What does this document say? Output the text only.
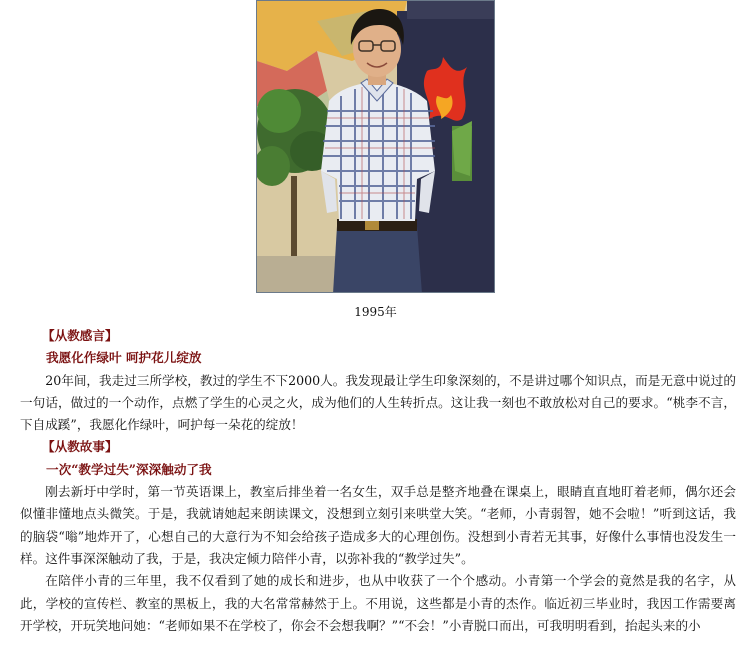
1995年

【从教感言】

我愿化作绿叶 呵护花儿绽放

20年间，我走过三所学校，教过的学生不下2000人。我发现最让学生印象深刻的，不是讲过哪个知识点，而是无意中说过的一句话，做过的一个动作，点燃了学生的心灵之火，成为他们的人生转折点。这让我一刻也不敢放松对自己的要求。“桃李不言，下自成蹊”，我愿化作绿叶，呵护每一朵花的绽放！

【从教故事】

一次“教学过失”深深触动了我

刚去新圩中学时，第一节英语课上，教室后排坐着一名女生，双手总是整齐地叠在课桌上，眼睛直直地盯着老师，偶尔还会似懂非懂地点头微笑。于是，我就请她起来朗读课文，没想到立刻引来哄堂大笑。“老师，小青弱智，她不会啦！”听到这话，我的脑袋“嗡”地炸开了，心想自己的大意行为不知会给孩子造成多大的心理创伤。没想到小青若无其事，好像什么事情也没发生一样。这件事深深触动了我，于是，我决定倾力陪伴小青，以弥补我的“教学过失”。

在陪伴小青的三年里，我不仅看到了她的成长和进步，也从中收获了一个个感动。小青第一个学会的竟然是我的名字，从此，学校的宣传栏、教室的黑板上，我的大名常常赫然于上。不用说，这些都是小青的杰作。临近初三毕业时，我因工作需要离开学校，开玩笑地问她：“老师如果不在学校了，你会不会想我啊？”“不会！”小青脱口而出，可我明明看到，抬起头来的小
